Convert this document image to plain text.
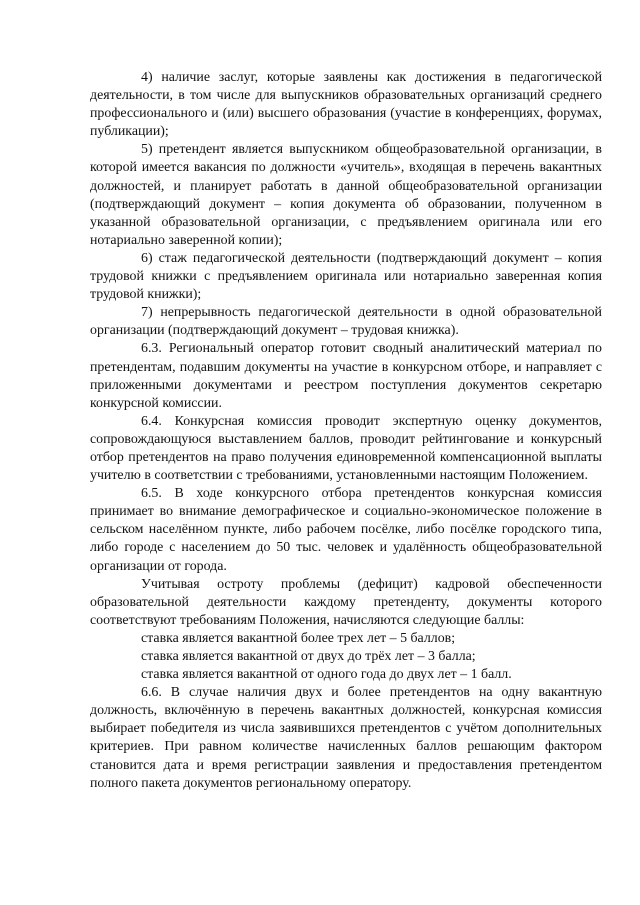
4) наличие заслуг, которые заявлены как достижения в педагогической деятельности, в том числе для выпускников образовательных организаций среднего профессионального и (или) высшего образования (участие в конференциях, форумах, публикации);

5) претендент является выпускником общеобразовательной организации, в которой имеется вакансия по должности «учитель», входящая в перечень вакантных должностей, и планирует работать в данной общеобразовательной организации (подтверждающий документ – копия документа об образовании, полученном в указанной образовательной организации, с предъявлением оригинала или его нотариально заверенной копии);

6) стаж педагогической деятельности (подтверждающий документ – копия трудовой книжки с предъявлением оригинала или нотариально заверенная копия трудовой книжки);

7) непрерывность педагогической деятельности в одной образовательной организации (подтверждающий документ – трудовая книжка).

6.3. Региональный оператор готовит сводный аналитический материал по претендентам, подавшим документы на участие в конкурсном отборе, и направляет с приложенными документами и реестром поступления документов секретарю конкурсной комиссии.

6.4. Конкурсная комиссия проводит экспертную оценку документов, сопровождающуюся выставлением баллов, проводит рейтингование и конкурсный отбор претендентов на право получения единовременной компенсационной выплаты учителю в соответствии с требованиями, установленными настоящим Положением.

6.5. В ходе конкурсного отбора претендентов конкурсная комиссия принимает во внимание демографическое и социально-экономическое положение в сельском населённом пункте, либо рабочем посёлке, либо посёлке городского типа, либо городе с населением до 50 тыс. человек и удалённость общеобразовательной организации от города.

Учитывая остроту проблемы (дефицит) кадровой обеспеченности образовательной деятельности каждому претенденту, документы которого соответствуют требованиям Положения, начисляются следующие баллы:

ставка является вакантной более трех лет – 5 баллов;

ставка является вакантной от двух до трёх лет – 3 балла;

ставка является вакантной от одного года до двух лет – 1 балл.

6.6. В случае наличия двух и более претендентов на одну вакантную должность, включённую в перечень вакантных должностей, конкурсная комиссия выбирает победителя из числа заявившихся претендентов с учётом дополнительных критериев. При равном количестве начисленных баллов решающим фактором становится дата и время регистрации заявления и предоставления претендентом полного пакета документов региональному оператору.
